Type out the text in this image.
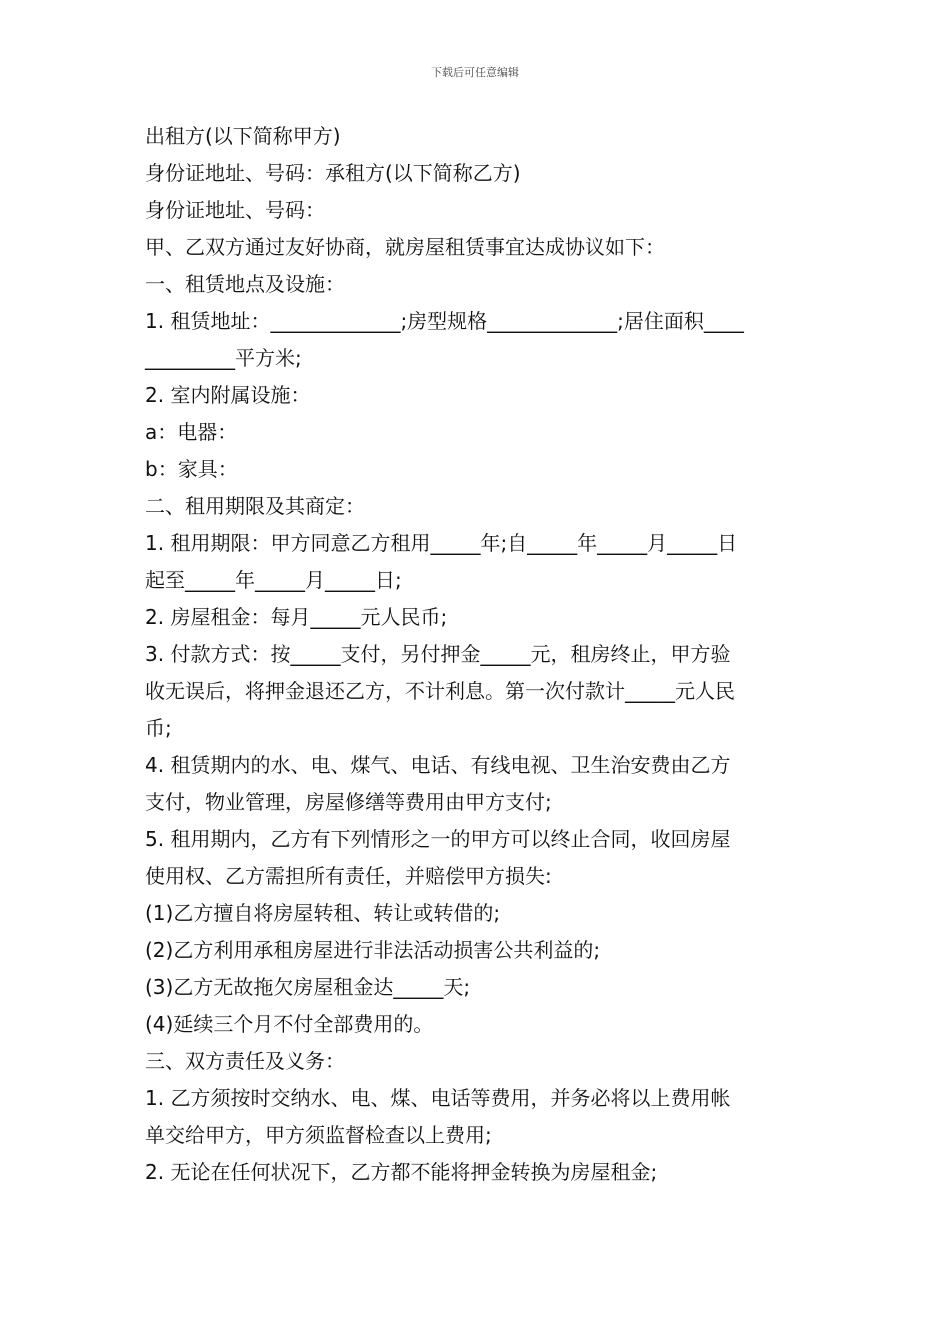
下载后可任意编辑
出租方(以下简称甲方)
身份证地址、号码：承租方(以下简称乙方)
身份证地址、号码：
甲、乙双方通过友好协商，就房屋租赁事宜达成协议如下：
一、租赁地点及设施：
1. 租赁地址：_____________;房型规格_____________;居住面积____
_________平方米;
2. 室内附属设施：
a：电器：
b：家具：
二、租用期限及其商定：
1. 租用期限：甲方同意乙方租用_____年;自_____年_____月_____日
起至_____年_____月_____日;
2. 房屋租金：每月_____元人民币;
3. 付款方式：按_____支付，另付押金_____元，租房终止，甲方验
收无误后，将押金退还乙方，不计利息。第一次付款计_____元人民
币;
4. 租赁期内的水、电、煤气、电话、有线电视、卫生治安费由乙方
支付，物业管理，房屋修缮等费用由甲方支付;
5. 租用期内，乙方有下列情形之一的甲方可以终止合同，收回房屋
使用权、乙方需担所有责任，并赔偿甲方损失:
(1)乙方擅自将房屋转租、转让或转借的;
(2)乙方利用承租房屋进行非法活动损害公共利益的;
(3)乙方无故拖欠房屋租金达_____天;
(4)延续三个月不付全部费用的。
三、双方责任及义务：
1. 乙方须按时交纳水、电、煤、电话等费用，并务必将以上费用帐
单交给甲方，甲方须监督检查以上费用;
2. 无论在任何状况下，乙方都不能将押金转换为房屋租金;
